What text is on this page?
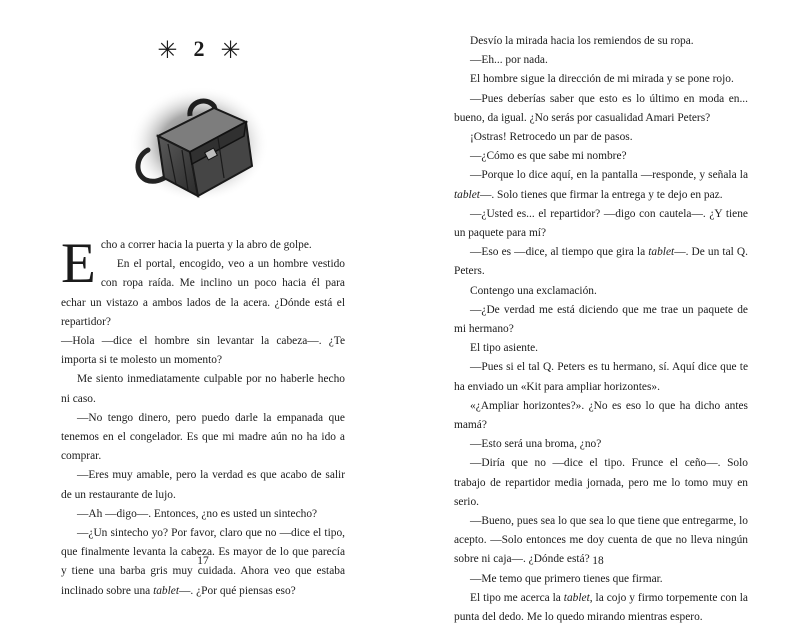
✳ 2 ✳

Echo a correr hacia la puerta y la abro de golpe.

En el portal, encogido, veo a un hombre vestido con ropa raída. Me inclino un poco hacia él para echar un vistazo a ambos lados de la acera. ¿Dónde está el repartidor?

—Hola —dice el hombre sin levantar la cabeza—. ¿Te importa si te molesto un momento?

Me siento inmediatamente culpable por no haberle hecho ni caso.

—No tengo dinero, pero puedo darle la empanada que tenemos en el congelador. Es que mi madre aún no ha ido a comprar.

—Eres muy amable, pero la verdad es que acabo de salir de un restaurante de lujo.

—Ah —digo—. Entonces, ¿no es usted un sintecho?

—¿Un sintecho yo? Por favor, claro que no —dice el tipo, que finalmente levanta la cabeza. Es mayor de lo que parecía y tiene una barba gris muy cuidada. Ahora veo que estaba inclinado sobre una tablet—. ¿Por qué piensas eso?

17

Desvío la mirada hacia los remiendos de su ropa.

—Eh... por nada.

El hombre sigue la dirección de mi mirada y se pone rojo.

—Pues deberías saber que esto es lo último en moda en... bueno, da igual. ¿No serás por casualidad Amari Peters?

¡Ostras! Retrocedo un par de pasos.

—¿Cómo es que sabe mi nombre?

—Porque lo dice aquí, en la pantalla —responde, y señala la tablet—. Solo tienes que firmar la entrega y te dejo en paz.

—¿Usted es... el repartidor? —digo con cautela—. ¿Y tiene un paquete para mí?

—Eso es —dice, al tiempo que gira la tablet—. De un tal Q. Peters.

Contengo una exclamación.

—¿De verdad me está diciendo que me trae un paquete de mi hermano?

El tipo asiente.

—Pues si el tal Q. Peters es tu hermano, sí. Aquí dice que te ha enviado un «Kit para ampliar horizontes».

«¿Ampliar horizontes?». ¿No es eso lo que ha dicho antes mamá?

—Esto será una broma, ¿no?

—Diría que no —dice el tipo. Frunce el ceño—. Solo trabajo de repartidor media jornada, pero me lo tomo muy en serio.

—Bueno, pues sea lo que sea lo que tiene que entregarme, lo acepto. —Solo entonces me doy cuenta de que no lleva ningún sobre ni caja—. ¿Dónde está?

—Me temo que primero tienes que firmar.

El tipo me acerca la tablet, la cojo y firmo torpemente con la punta del dedo. Me lo quedo mirando mientras espero.

18
